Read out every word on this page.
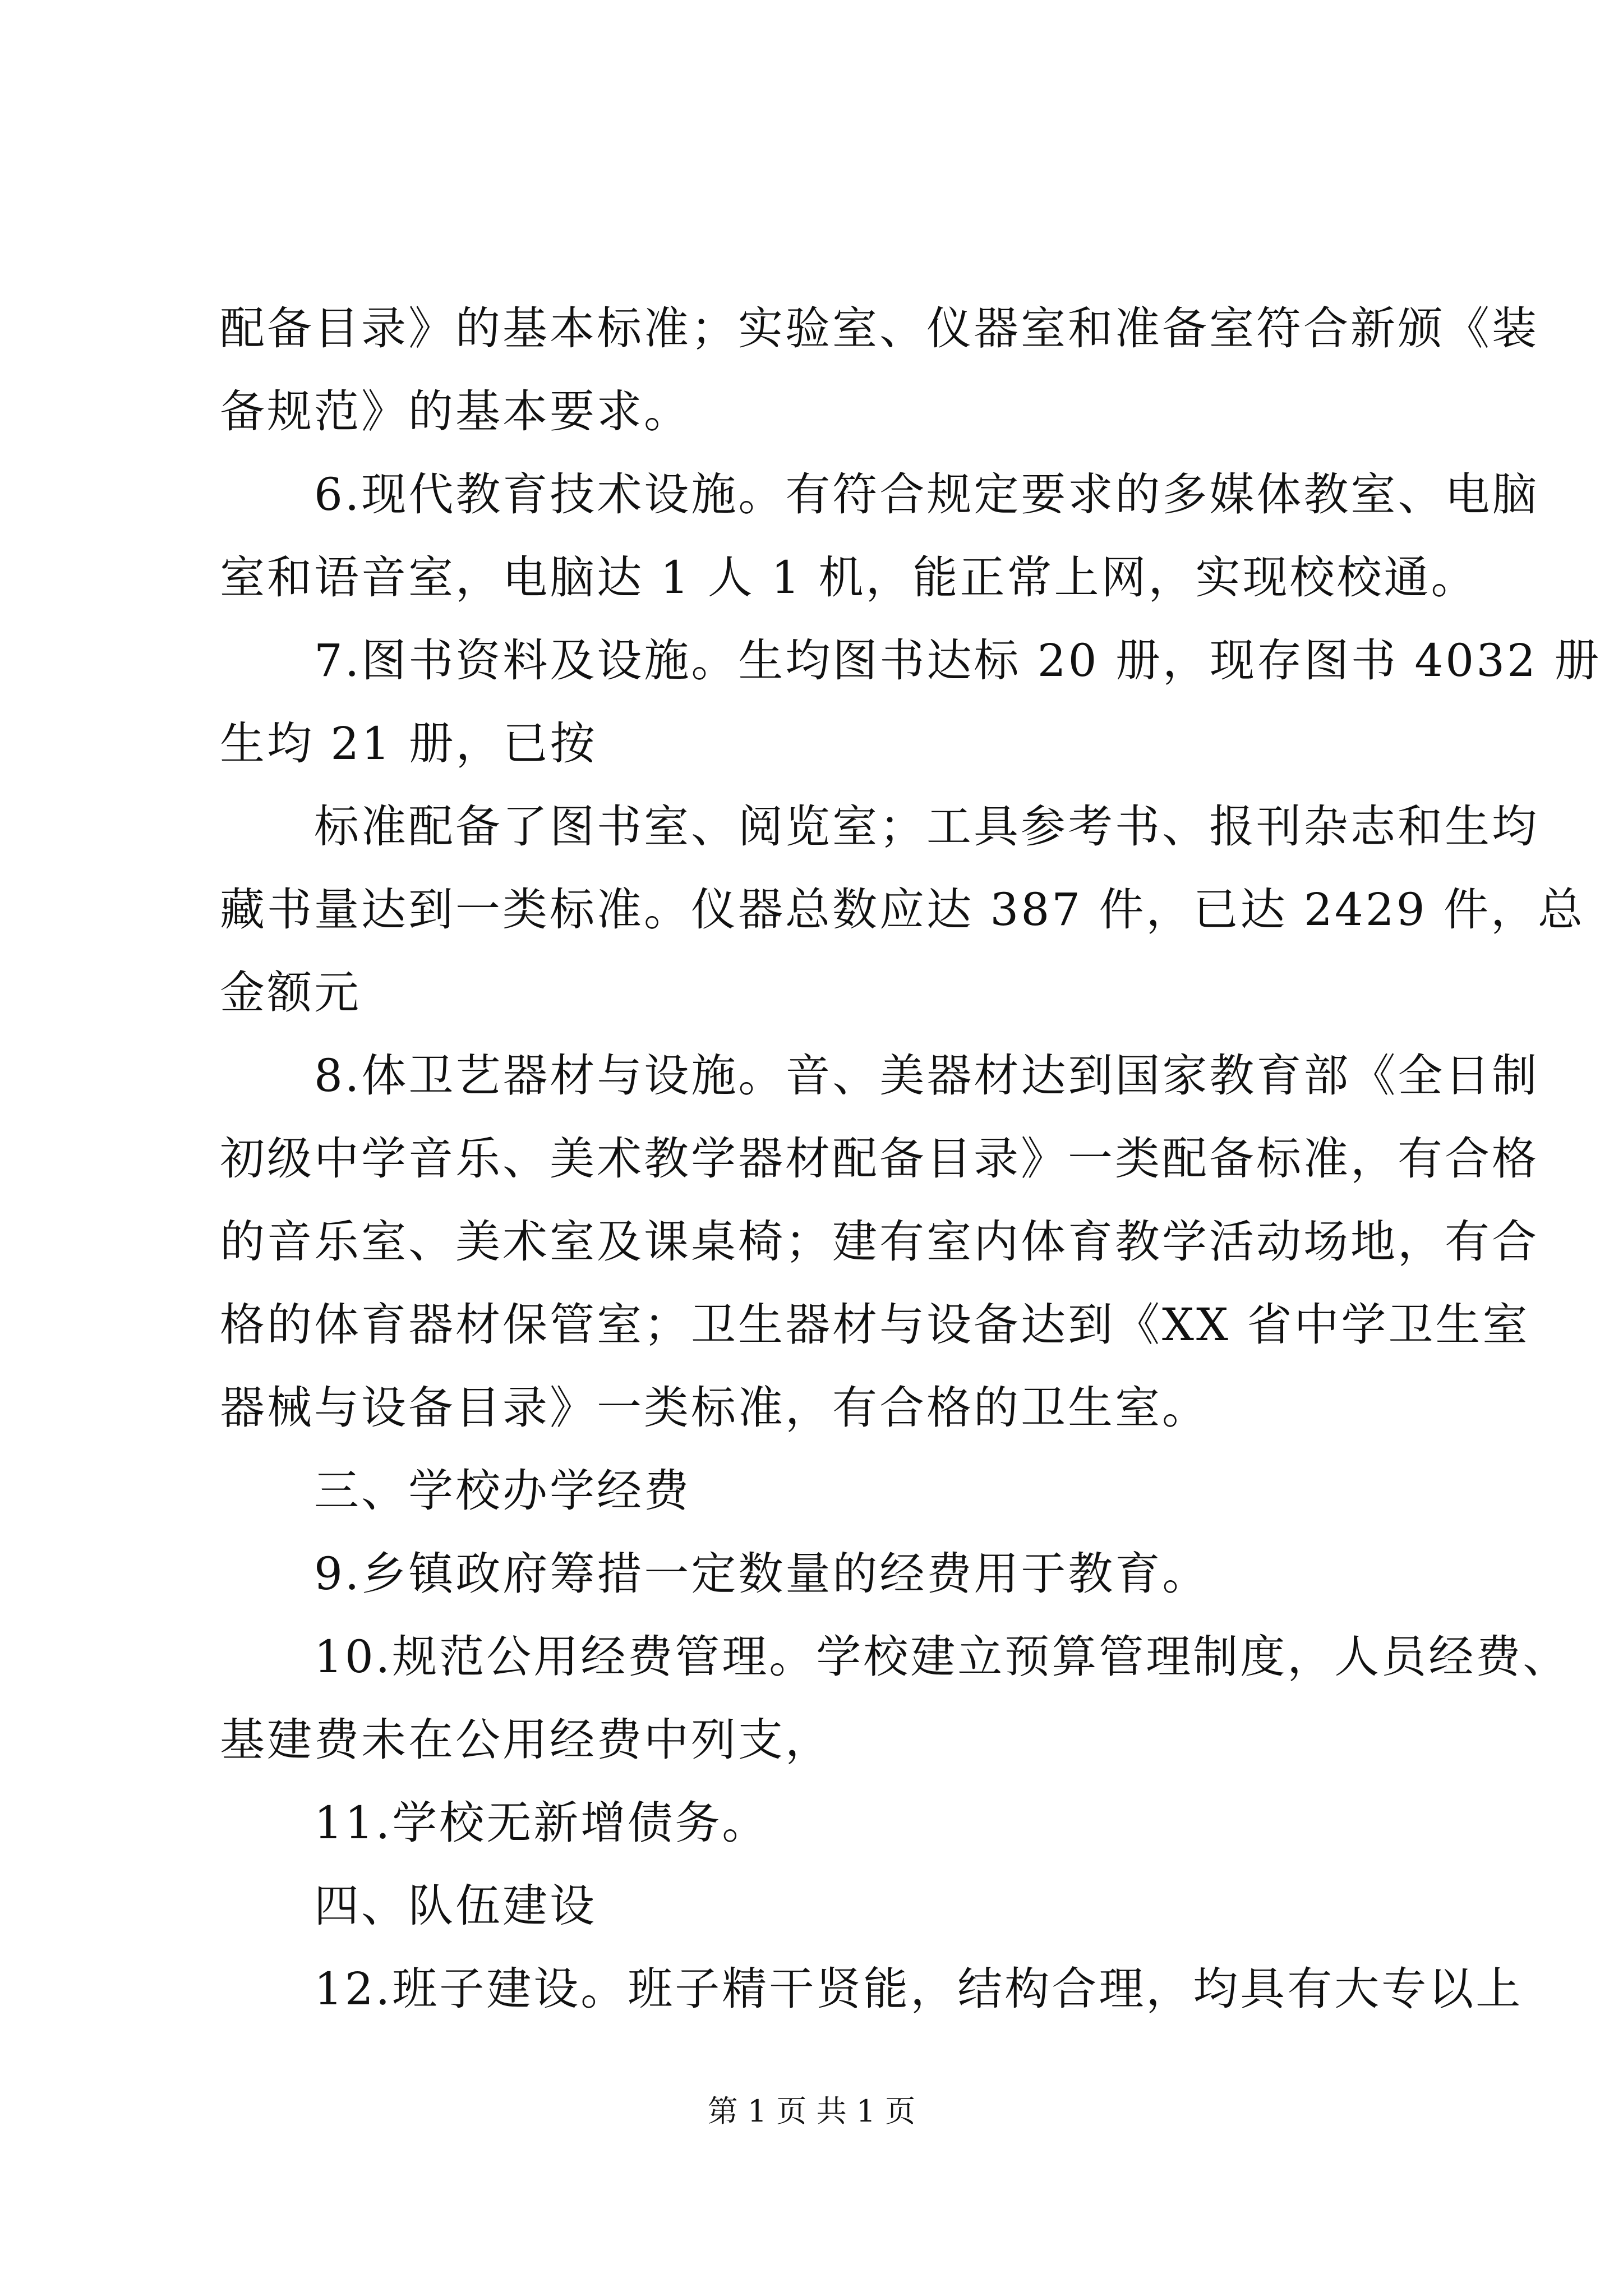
配备目录》的基本标准；实验室、仪器室和准备室符合新颁《装

备规范》的基本要求。

　　6.现代教育技术设施。有符合规定要求的多媒体教室、电脑

室和语音室，电脑达 1 人 1 机，能正常上网，实现校校通。

　　7.图书资料及设施。生均图书达标 20 册，现存图书 4032 册

生均 21 册，已按

　　标准配备了图书室、阅览室；工具参考书、报刊杂志和生均

藏书量达到一类标准。仪器总数应达 387 件，已达 2429 件，总

金额元

　　8.体卫艺器材与设施。音、美器材达到国家教育部《全日制

初级中学音乐、美术教学器材配备目录》一类配备标准，有合格

的音乐室、美术室及课桌椅；建有室内体育教学活动场地，有合

格的体育器材保管室；卫生器材与设备达到《XX 省中学卫生室

器械与设备目录》一类标准，有合格的卫生室。

　　三、学校办学经费

　　9.乡镇政府筹措一定数量的经费用于教育。

　　10.规范公用经费管理。学校建立预算管理制度，人员经费、

基建费未在公用经费中列支，

　　11.学校无新增债务。

　　四、队伍建设

　　12.班子建设。班子精干贤能，结构合理，均具有大专以上

第 1 页 共 1 页
